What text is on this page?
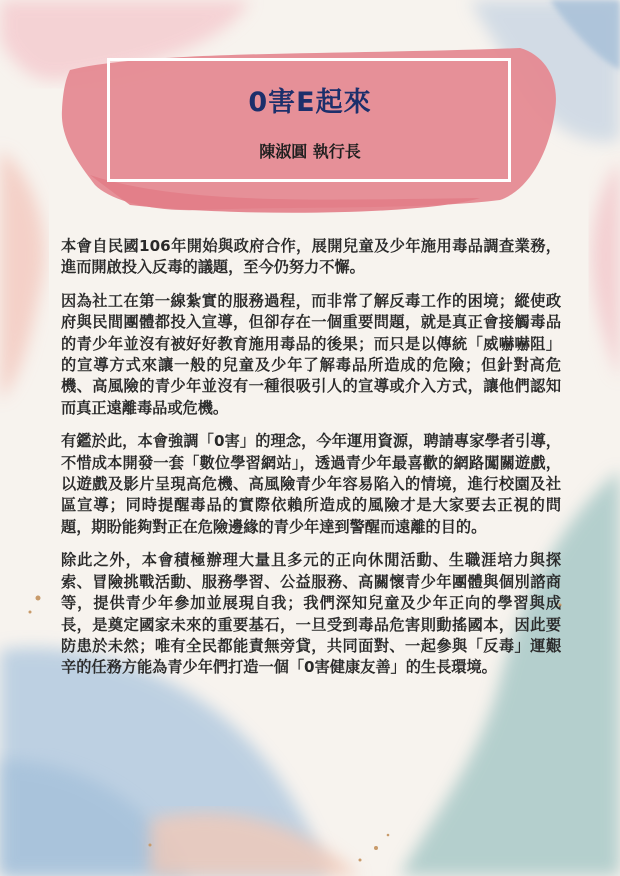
0害E起來
陳淑圓 執行長

本會自民國106年開始與政府合作，展開兒童及少年施用毒品調查業務，進而開啟投入反毒的議題，至今仍努力不懈。

因為社工在第一線紮實的服務過程，而非常了解反毒工作的困境；縱使政府與民間團體都投入宣導，但卻存在一個重要問題，就是真正會接觸毒品的青少年並沒有被好好教育施用毒品的後果；而只是以傳統「威嚇嚇阻」的宣導方式來讓一般的兒童及少年了解毒品所造成的危險；但針對高危機、高風險的青少年並沒有一種很吸引人的宣導或介入方式，讓他們認知而真正遠離毒品或危機。

有鑑於此，本會強調「0害」的理念，今年運用資源，聘請專家學者引導，不惜成本開發一套「數位學習網站」，透過青少年最喜歡的網路闖關遊戲，以遊戲及影片呈現高危機、高風險青少年容易陷入的情境，進行校園及社區宣導；同時提醒毒品的實際依賴所造成的風險才是大家要去正視的問題，期盼能夠對正在危險邊緣的青少年達到警醒而遠離的目的。

除此之外，本會積極辦理大量且多元的正向休閒活動、生職涯培力與探索、冒險挑戰活動、服務學習、公益服務、高關懷青少年團體與個別諮商等，提供青少年參加並展現自我；我們深知兒童及少年正向的學習與成長，是奠定國家未來的重要基石，一旦受到毒品危害則動搖國本，因此要防患於未然；唯有全民都能責無旁貸，共同面對、一起參與「反毒」運艱辛的任務方能為青少年們打造一個「0害健康友善」的生長環境。
